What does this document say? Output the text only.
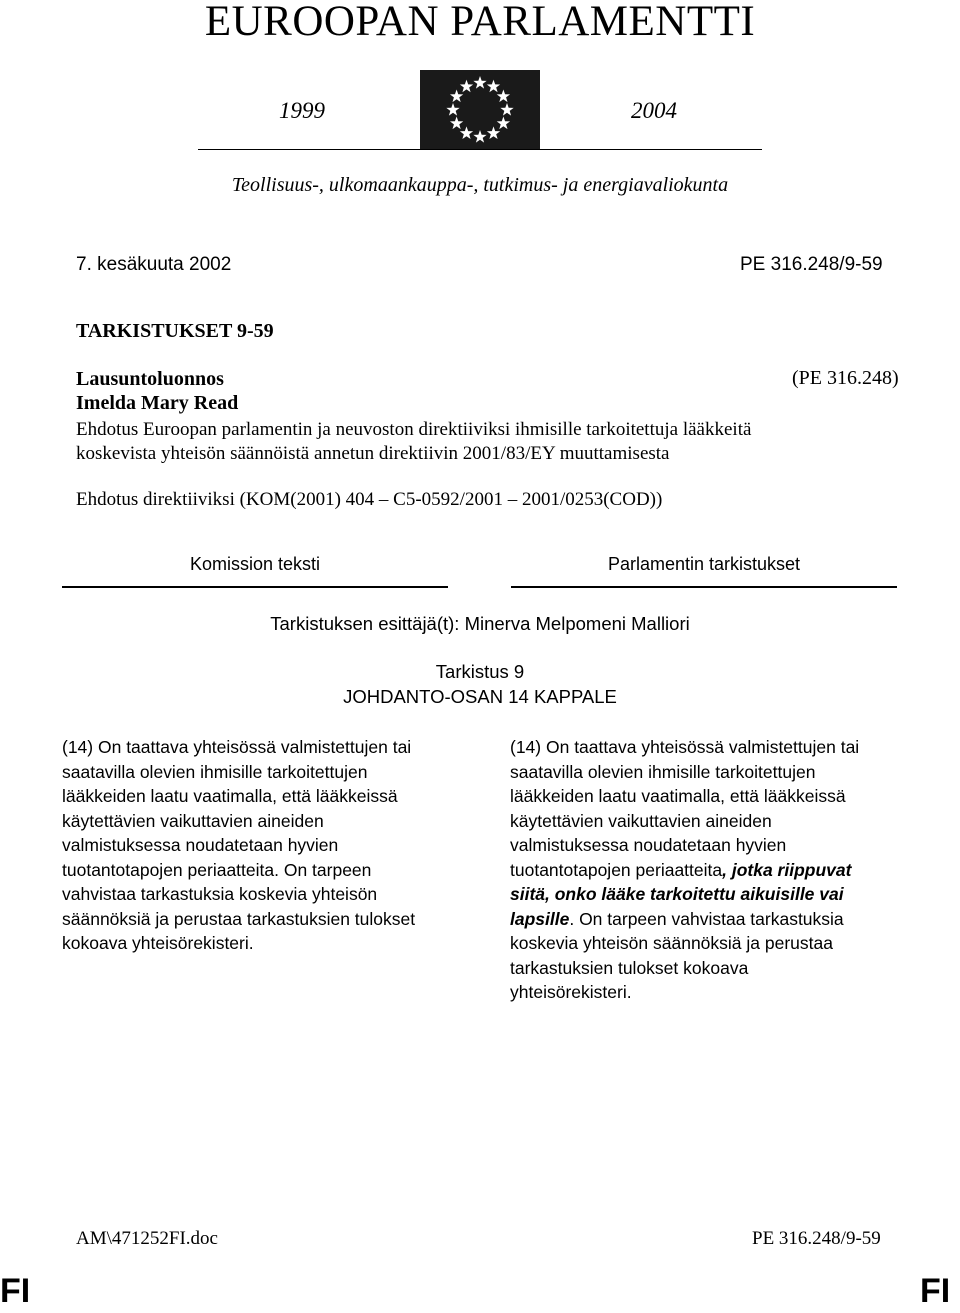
EUROOPAN PARLAMENTTI
1999	2004
Teollisuus-, ulkomaankauppa-, tutkimus- ja energiavaliokunta
7. kesäkuuta 2002	PE 316.248/9-59
TARKISTUKSET 9-59
Lausuntoluonnos	(PE 316.248)
Imelda Mary Read
Ehdotus Euroopan parlamentin ja neuvoston direktiiviksi ihmisille tarkoitettuja lääkkeitä
koskevista yhteisön säännöistä annetun direktiivin 2001/83/EY muuttamisesta
Ehdotus direktiiviksi (KOM(2001) 404 – C5-0592/2001 – 2001/0253(COD))
Komission teksti	Parlamentin tarkistukset
Tarkistuksen esittäjä(t): Minerva Melpomeni Malliori
Tarkistus 9
JOHDANTO-OSAN 14 KAPPALE
(14) On taattava yhteisössä valmistettujen tai
saatavilla olevien ihmisille tarkoitettujen
lääkkeiden laatu vaatimalla, että lääkkeissä
käytettävien vaikuttavien aineiden
valmistuksessa noudatetaan hyvien
tuotantotapojen periaatteita. On tarpeen
vahvistaa tarkastuksia koskevia yhteisön
säännöksiä ja perustaa tarkastuksien tulokset
kokoava yhteisörekisteri.
(14) On taattava yhteisössä valmistettujen tai
saatavilla olevien ihmisille tarkoitettujen
lääkkeiden laatu vaatimalla, että lääkkeissä
käytettävien vaikuttavien aineiden
valmistuksessa noudatetaan hyvien
tuotantotapojen periaatteita, jotka riippuvat
siitä, onko lääke tarkoitettu aikuisille vai
lapsille. On tarpeen vahvistaa tarkastuksia
koskevia yhteisön säännöksiä ja perustaa
tarkastuksien tulokset kokoava
yhteisörekisteri.
AM\471252FI.doc	PE 316.248/9-59
FI	FI
